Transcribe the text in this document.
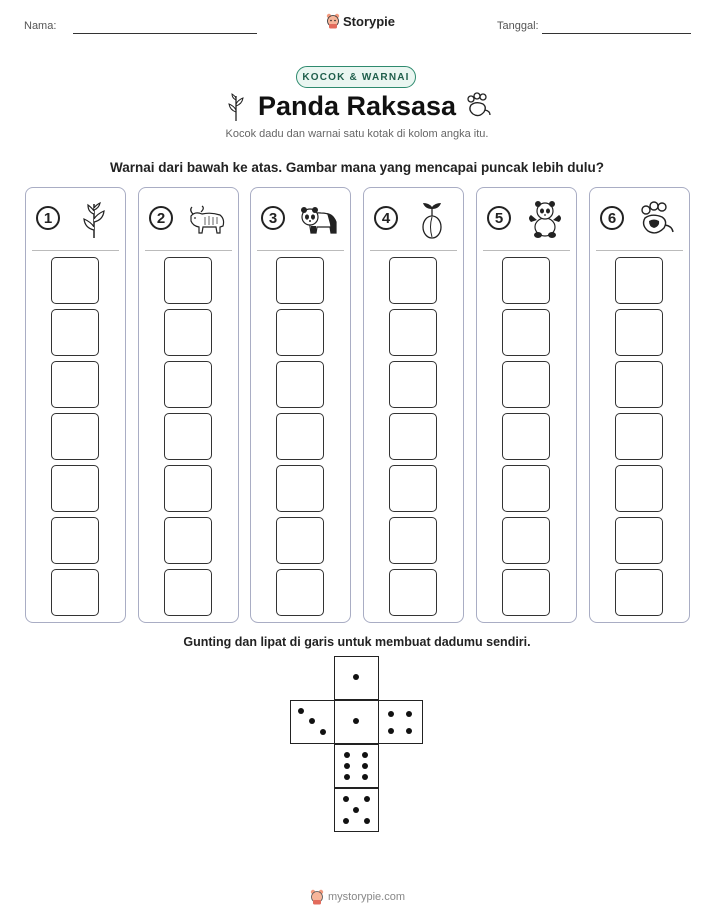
Nama:	Storypie	Tanggal:
KOCOK & WARNAI
Panda Raksasa
Kocok dadu dan warnai satu kotak di kolom angka itu.
Warnai dari bawah ke atas. Gambar mana yang mencapai puncak lebih dulu?
1	2	3	4	5	6
Gunting dan lipat di garis untuk membuat dadumu sendiri.
mystorypie.com
